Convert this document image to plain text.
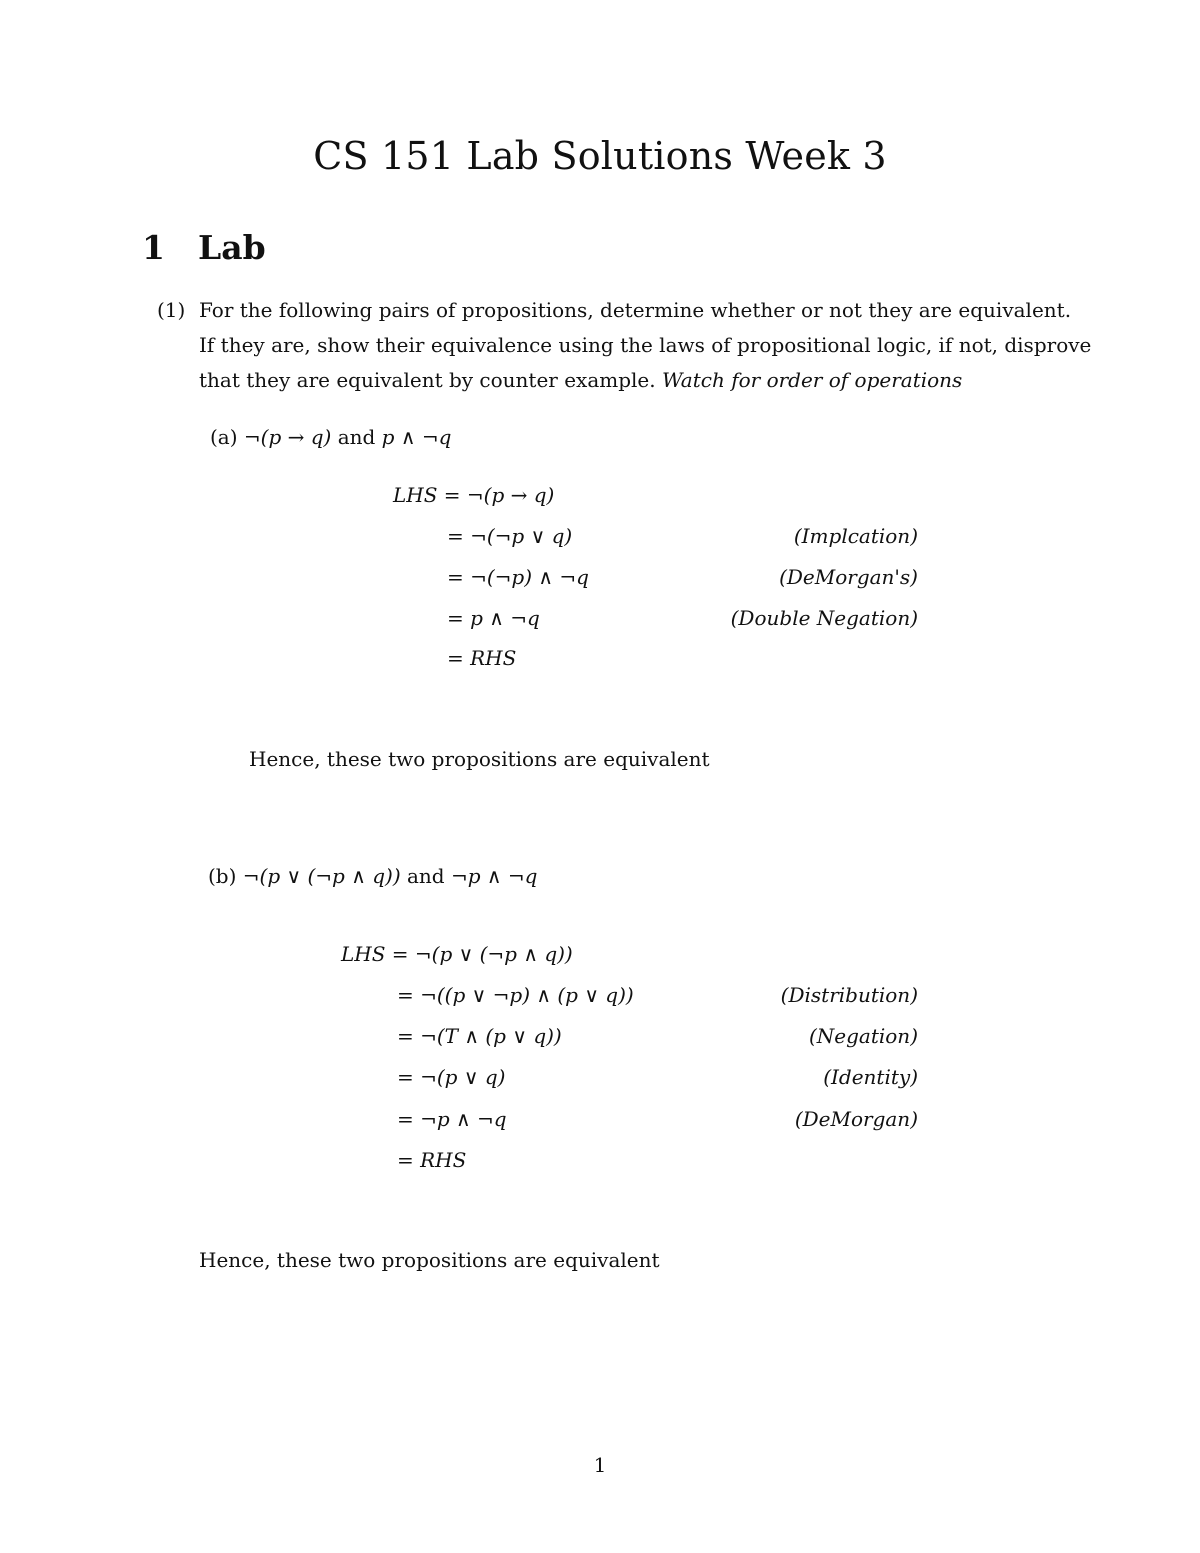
CS 151 Lab Solutions Week 3
1 Lab
(1) For the following pairs of propositions, determine whether or not they are equivalent.
If they are, show their equivalence using the laws of propositional logic, if not, disprove
that they are equivalent by counter example. Watch for order of operations
(a) ¬(p → q) and p ∧ ¬q
LHS = ¬(p → q)
= ¬(¬p ∨ q)	(Implcation)
= ¬(¬p) ∧ ¬q	(DeMorgan's)
= p ∧ ¬q	(Double Negation)
= RHS
Hence, these two propositions are equivalent
(b) ¬(p ∨ (¬p ∧ q)) and ¬p ∧ ¬q
LHS = ¬(p ∨ (¬p ∧ q))
= ¬((p ∨ ¬p) ∧ (p ∨ q))	(Distribution)
= ¬(T ∧ (p ∨ q))	(Negation)
= ¬(p ∨ q)	(Identity)
= ¬p ∧ ¬q	(DeMorgan)
= RHS
Hence, these two propositions are equivalent
1
